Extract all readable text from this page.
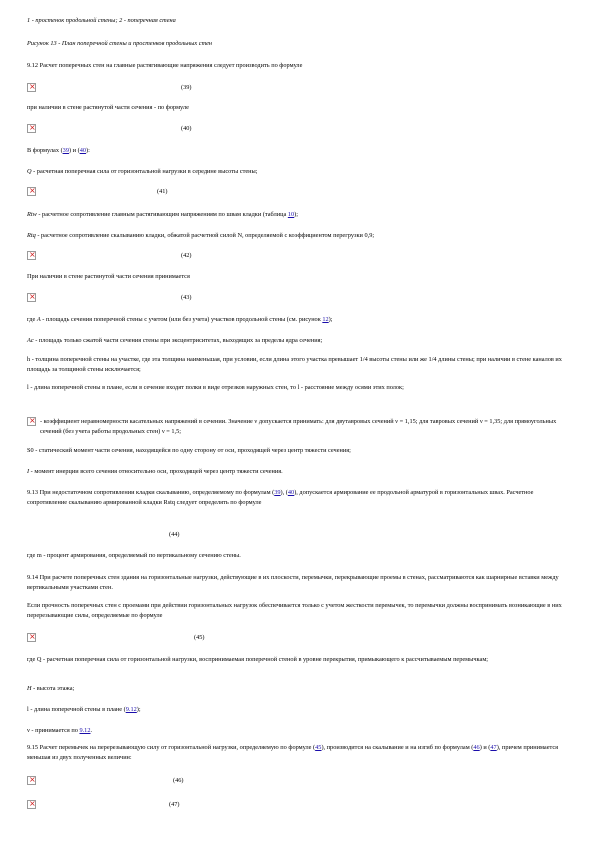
1 - простенок продольной стены; 2 - поперечная стена
Рисунок 13 - План поперечной стены и простенков продольных стен
9.12 Расчет поперечных стен на главные растягивающие напряжения следует производить по формуле
×
(39)
при наличии в стене растянутой части сечения - по формуле
×
(40)
В формулах (39) и (40):
Q - расчетная поперечная сила от горизонтальной нагрузки в середине высоты стены;
×
(41)
Rtw - расчетное сопротивление главным растягивающим напряжениям по швам кладки (таблица 10);
Rtq - расчетное сопротивление скалыванию кладки, обжатой расчетной силой N, определяемой с коэффициентом перегрузки 0,9;
×
(42)
При наличии в стене растянутой части сечения принимается
×
(43)
где A - площадь сечения поперечной стены с учетом (или без учета) участков продольной стены (см. рисунок 12);
Ac - площадь только сжатой части сечения стены при эксцентриситетах, выходящих за пределы ядра сечения;
h - толщина поперечной стены на участке, где эта толщина наименьшая, при условии, если длина этого участка превышает 1/4 высоты стены или же 1/4 длины стены; при наличии в стене каналов их площадь за толщиной стены исключается;
l - длина поперечной стены в плане, если в сечение входят полки в виде отрезков наружных стен, то l - расстояние между осями этих полок;
- коэффициент неравномерности касательных напряжений в сечении. Значение ν допускается принимать: для двутавровых сечений ν = 1,15; для тавровых сечений ν = 1,35; для прямоугольных сечений (без учета работы продольных стен) ν = 1,5;
×
S0 - статический момент части сечения, находящейся по одну сторону от оси, проходящей через центр тяжести сечения;
I - момент инерции всего сечения относительно оси, проходящей через центр тяжести сечения.
9.13 При недостаточном сопротивлении кладки скалыванию, определяемому по формулам (39), (40), допускается армирование ее продольной арматурой в горизонтальных швах. Расчетное сопротивление скалыванию армированной кладки Rstq следует определять по формуле
(44)
где m - процент армирования, определяемый по вертикальному сечению стены.
9.14 При расчете поперечных стен здания на горизонтальные нагрузки, действующие в их плоскости, перемычки, перекрывающие проемы в стенах, рассматриваются как шарнирные вставки между вертикальными участками стен.
Если прочность поперечных стен с проемами при действии горизонтальных нагрузок обеспечивается только с учетом жесткости перемычек, то перемычки должны воспринимать возникающие в них перерезывающие силы, определяемые по формуле
×
(45)
где Q - расчетная поперечная сила от горизонтальной нагрузки, воспринимаемая поперечной стеной в уровне перекрытия, примыкающего к рассчитываемым перемычкам;
H - высота этажа;
l - длина поперечной стены в плане (9.12);
ν - принимается по 9.12.
9.15 Расчет перемычек на перерезывающую силу от горизонтальной нагрузки, определяемую по формуле (45), производится на скалывание и на изгиб по формулам (46) и (47), причем принимается меньшая из двух полученных величин:
×
(46)
×
(47)
